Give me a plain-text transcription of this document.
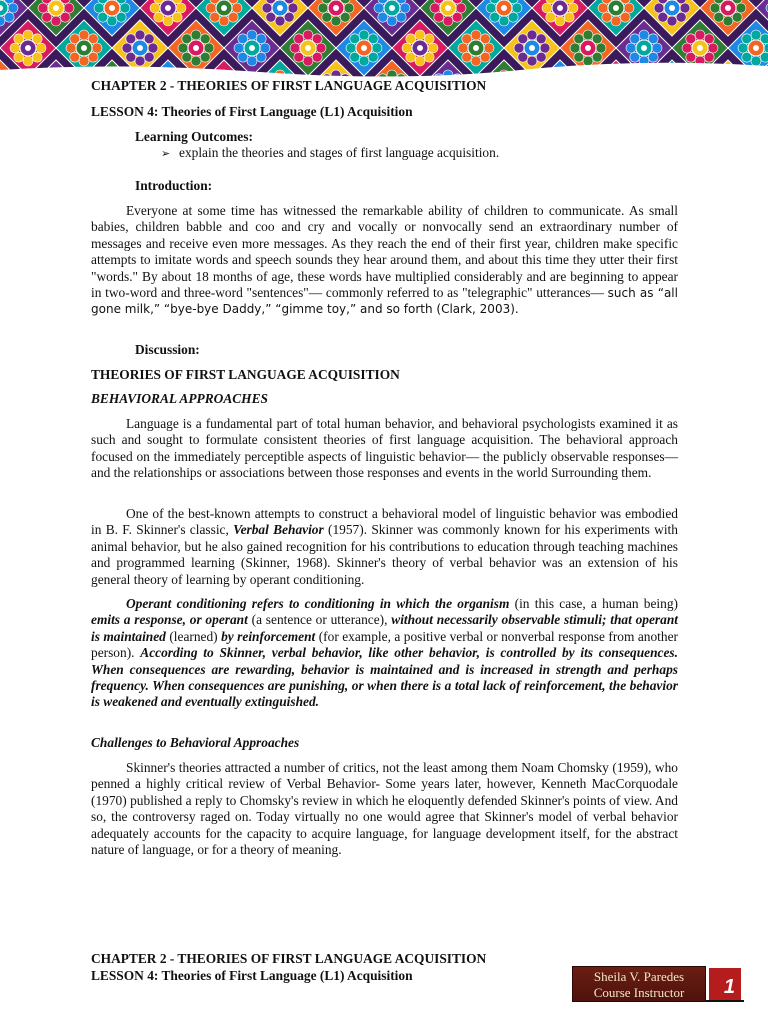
CHAPTER 2 - THEORIES OF FIRST LANGUAGE ACQUISITION
LESSON 4: Theories of First Language (L1) Acquisition
Learning Outcomes:
➢ explain the theories and stages of first language acquisition.
Introduction:

Everyone at some time has witnessed the remarkable ability of children to communicate. As small babies, children babble and coo and cry and vocally or nonvocally send an extraordinary number of messages and receive even more messages. As they reach the end of their first year, children make specific attempts to imitate words and speech sounds they hear around them, and about this time they utter their first "words." By about 18 months of age, these words have multiplied considerably and are beginning to appear in two-word and three-word "sentences"— commonly referred to as "telegraphic" utterances— such as “all gone milk,” “bye-bye Daddy,” “gimme toy,” and so forth (Clark, 2003).

Discussion:
THEORIES OF FIRST LANGUAGE ACQUISITION
BEHAVIORAL APPROACHES

Language is a fundamental part of total human behavior, and behavioral psychologists examined it as such and sought to formulate consistent theories of first language acquisition. The behavioral approach focused on the immediately perceptible aspects of linguistic behavior— the publicly observable responses— and the relationships or associations between those responses and events in the world Surrounding them.

One of the best-known attempts to construct a behavioral model of linguistic behavior was embodied in B. F. Skinner's classic, Verbal Behavior (1957). Skinner was commonly known for his experiments with animal behavior, but he also gained recognition for his contributions to education through teaching machines and programmed learning (Skinner, 1968). Skinner's theory of verbal behavior was an extension of his general theory of learning by operant conditioning.

Operant conditioning refers to conditioning in which the organism (in this case, a human being) emits a response, or operant (a sentence or utterance), without necessarily observable stimuli; that operant is maintained (learned) by reinforcement (for example, a positive verbal or nonverbal response from another person). According to Skinner, verbal behavior, like other behavior, is controlled by its consequences. When consequences are rewarding, behavior is maintained and is increased in strength and perhaps frequency. When consequences are punishing, or when there is a total lack of reinforcement, the behavior is weakened and eventually extinguished.

Challenges to Behavioral Approaches

Skinner's theories attracted a number of critics, not the least among them Noam Chomsky (1959), who penned a highly critical review of Verbal Behavior- Some years later, however, Kenneth MacCorquodale (1970) published a reply to Chomsky's review in which he eloquently defended Skinner's points of view. And so, the controversy raged on. Today virtually no one would agree that Skinner's model of verbal behavior adequately accounts for the capacity to acquire language, for language development itself, for the abstract nature of language, or for a theory of meaning.

CHAPTER 2 - THEORIES OF FIRST LANGUAGE ACQUISITION
LESSON 4: Theories of First Language (L1) Acquisition	Sheila V. Paredes
Course Instructor	1
